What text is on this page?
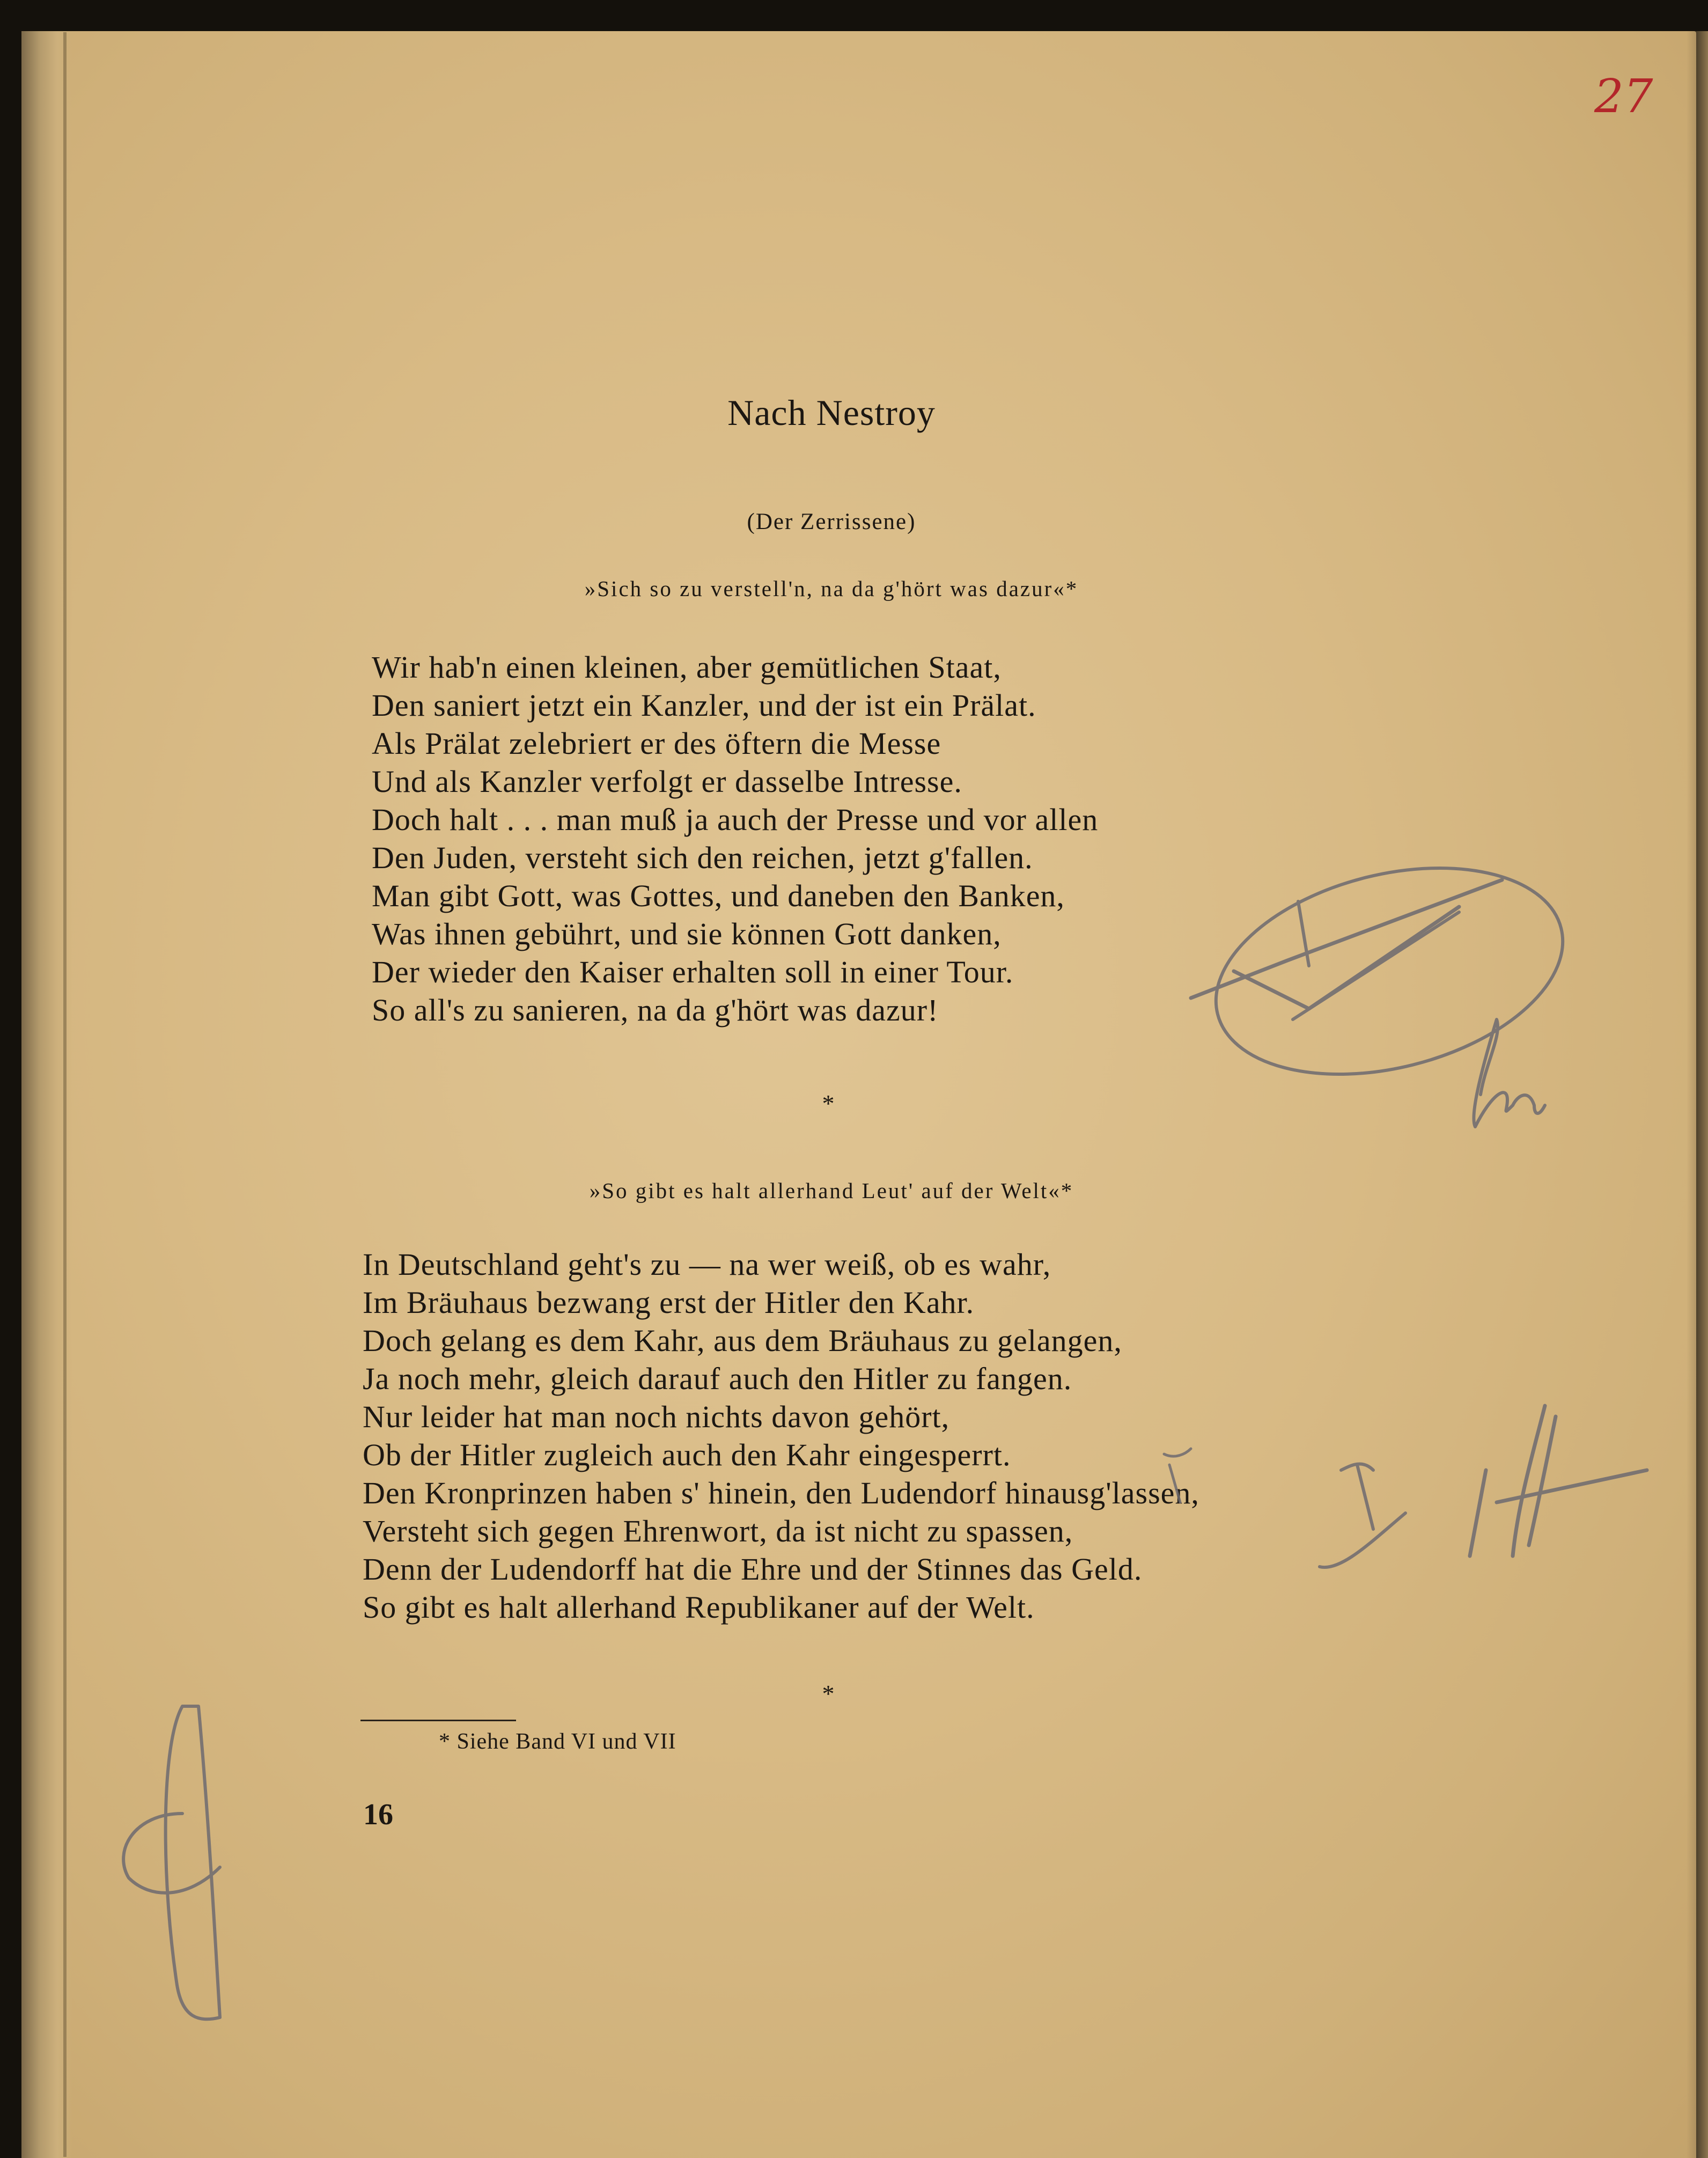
27
Nach Nestroy
(Der Zerrissene)
»Sich so zu verstell'n, na da g'hört was dazur«*
Wir hab'n einen kleinen, aber gemütlichen Staat,
Den saniert jetzt ein Kanzler, und der ist ein Prälat.
Als Prälat zelebriert er des öftern die Messe
Und als Kanzler verfolgt er dasselbe Intresse.
Doch halt . . . man muß ja auch der Presse und vor allen
Den Juden, versteht sich den reichen, jetzt g'fallen.
Man gibt Gott, was Gottes, und daneben den Banken,
Was ihnen gebührt, und sie können Gott danken,
Der wieder den Kaiser erhalten soll in einer Tour.
So all's zu sanieren, na da g'hört was dazur!
*
»So gibt es halt allerhand Leut' auf der Welt«*
In Deutschland geht's zu — na wer weiß, ob es wahr,
Im Bräuhaus bezwang erst der Hitler den Kahr.
Doch gelang es dem Kahr, aus dem Bräuhaus zu gelangen,
Ja noch mehr, gleich darauf auch den Hitler zu fangen.
Nur leider hat man noch nichts davon gehört,
Ob der Hitler zugleich auch den Kahr eingesperrt.
Den Kronprinzen haben s' hinein, den Ludendorf hinausg'lassen,
Versteht sich gegen Ehrenwort, da ist nicht zu spassen,
Denn der Ludendorff hat die Ehre und der Stinnes das Geld.
So gibt es halt allerhand Republikaner auf der Welt.
*
* Siehe Band VI und VII
16
